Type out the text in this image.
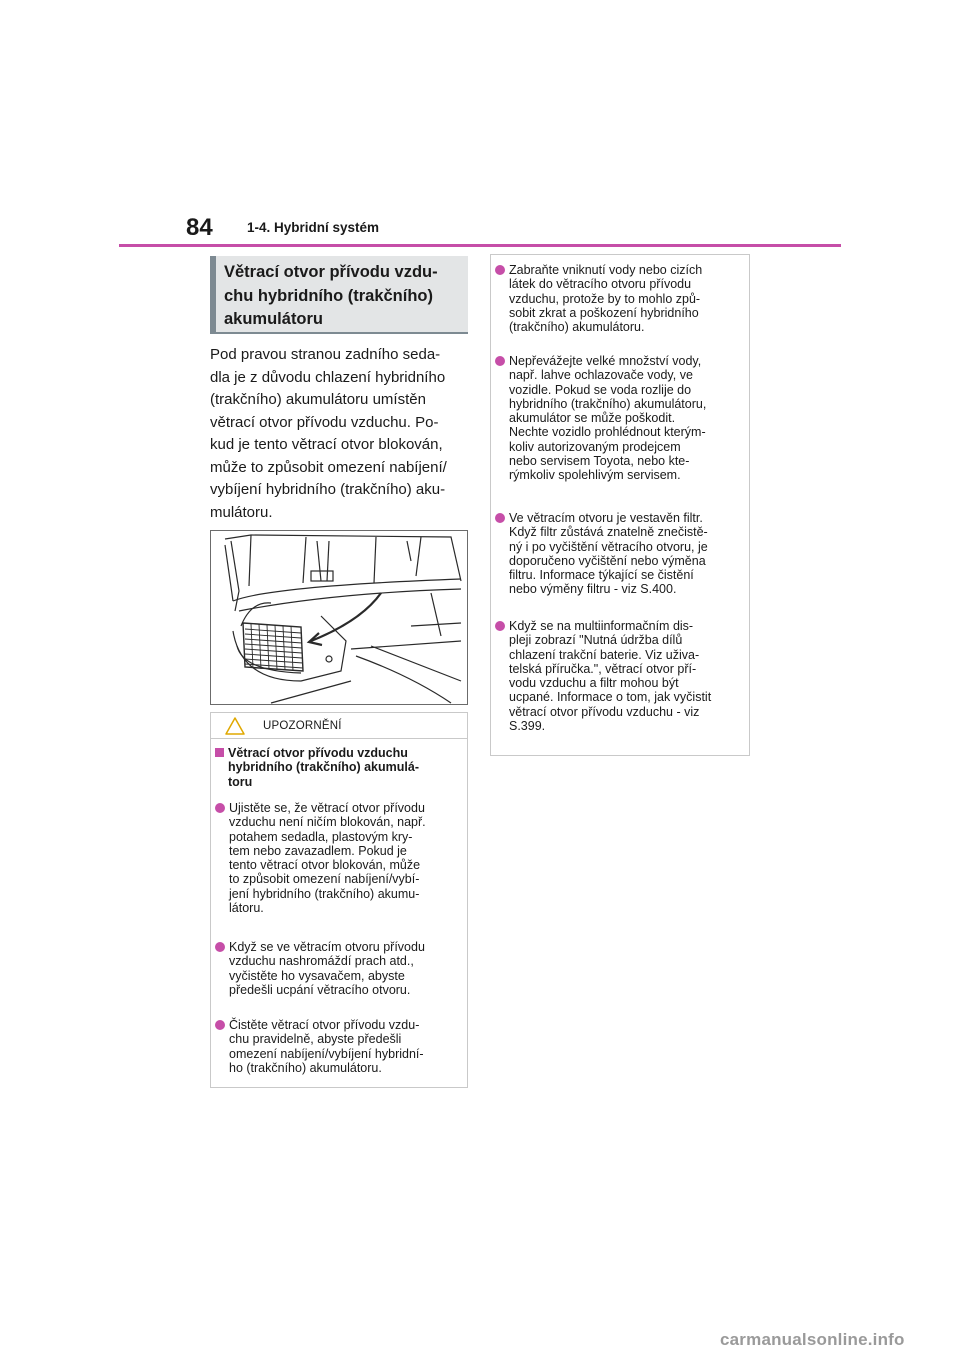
84	1-4. Hybridní systém
Větrací otvor přívodu vzdu-
chu hybridního (trakčního)
akumulátoru
Pod pravou stranou zadního seda-
dla je z důvodu chlazení hybridního
(trakčního) akumulátoru umístěn
větrací otvor přívodu vzduchu. Po-
kud je tento větrací otvor blokován,
může to způsobit omezení nabíjení/
vybíjení hybridního (trakčního) aku-
mulátoru.
UPOZORNĚNÍ
Větrací otvor přívodu vzduchu
hybridního (trakčního) akumulá-
toru
Ujistěte se, že větrací otvor přívodu
vzduchu není ničím blokován, např.
potahem sedadla, plastovým kry-
tem nebo zavazadlem. Pokud je
tento větrací otvor blokován, může
to způsobit omezení nabíjení/vybí-
jení hybridního (trakčního) akumu-
látoru.
Když se ve větracím otvoru přívodu
vzduchu nashromáždí prach atd.,
vyčistěte ho vysavačem, abyste
předešli ucpání větracího otvoru.
Čistěte větrací otvor přívodu vzdu-
chu pravidelně, abyste předešli
omezení nabíjení/vybíjení hybridní-
ho (trakčního) akumulátoru.
Zabraňte vniknutí vody nebo cizích
látek do větracího otvoru přívodu
vzduchu, protože by to mohlo způ-
sobit zkrat a poškození hybridního
(trakčního) akumulátoru.
Nepřevážejte velké množství vody,
např. lahve ochlazovače vody, ve
vozidle. Pokud se voda rozlije do
hybridního (trakčního) akumulátoru,
akumulátor se může poškodit.
Nechte vozidlo prohlédnout kterým-
koliv autorizovaným prodejcem
nebo servisem Toyota, nebo kte-
rýmkoliv spolehlivým servisem.
Ve větracím otvoru je vestavěn filtr.
Když filtr zůstává znatelně znečistě-
ný i po vyčištění větracího otvoru, je
doporučeno vyčištění nebo výměna
filtru. Informace týkající se čistění
nebo výměny filtru - viz S.400.
Když se na multiinformačním dis-
pleji zobrazí "Nutná údržba dílů
chlazení trakční baterie. Viz uživa-
telská příručka.", větrací otvor pří-
vodu vzduchu a filtr mohou být
ucpané. Informace o tom, jak vyčistit
větrací otvor přívodu vzduchu - viz
S.399.
carmanualsonline.info
